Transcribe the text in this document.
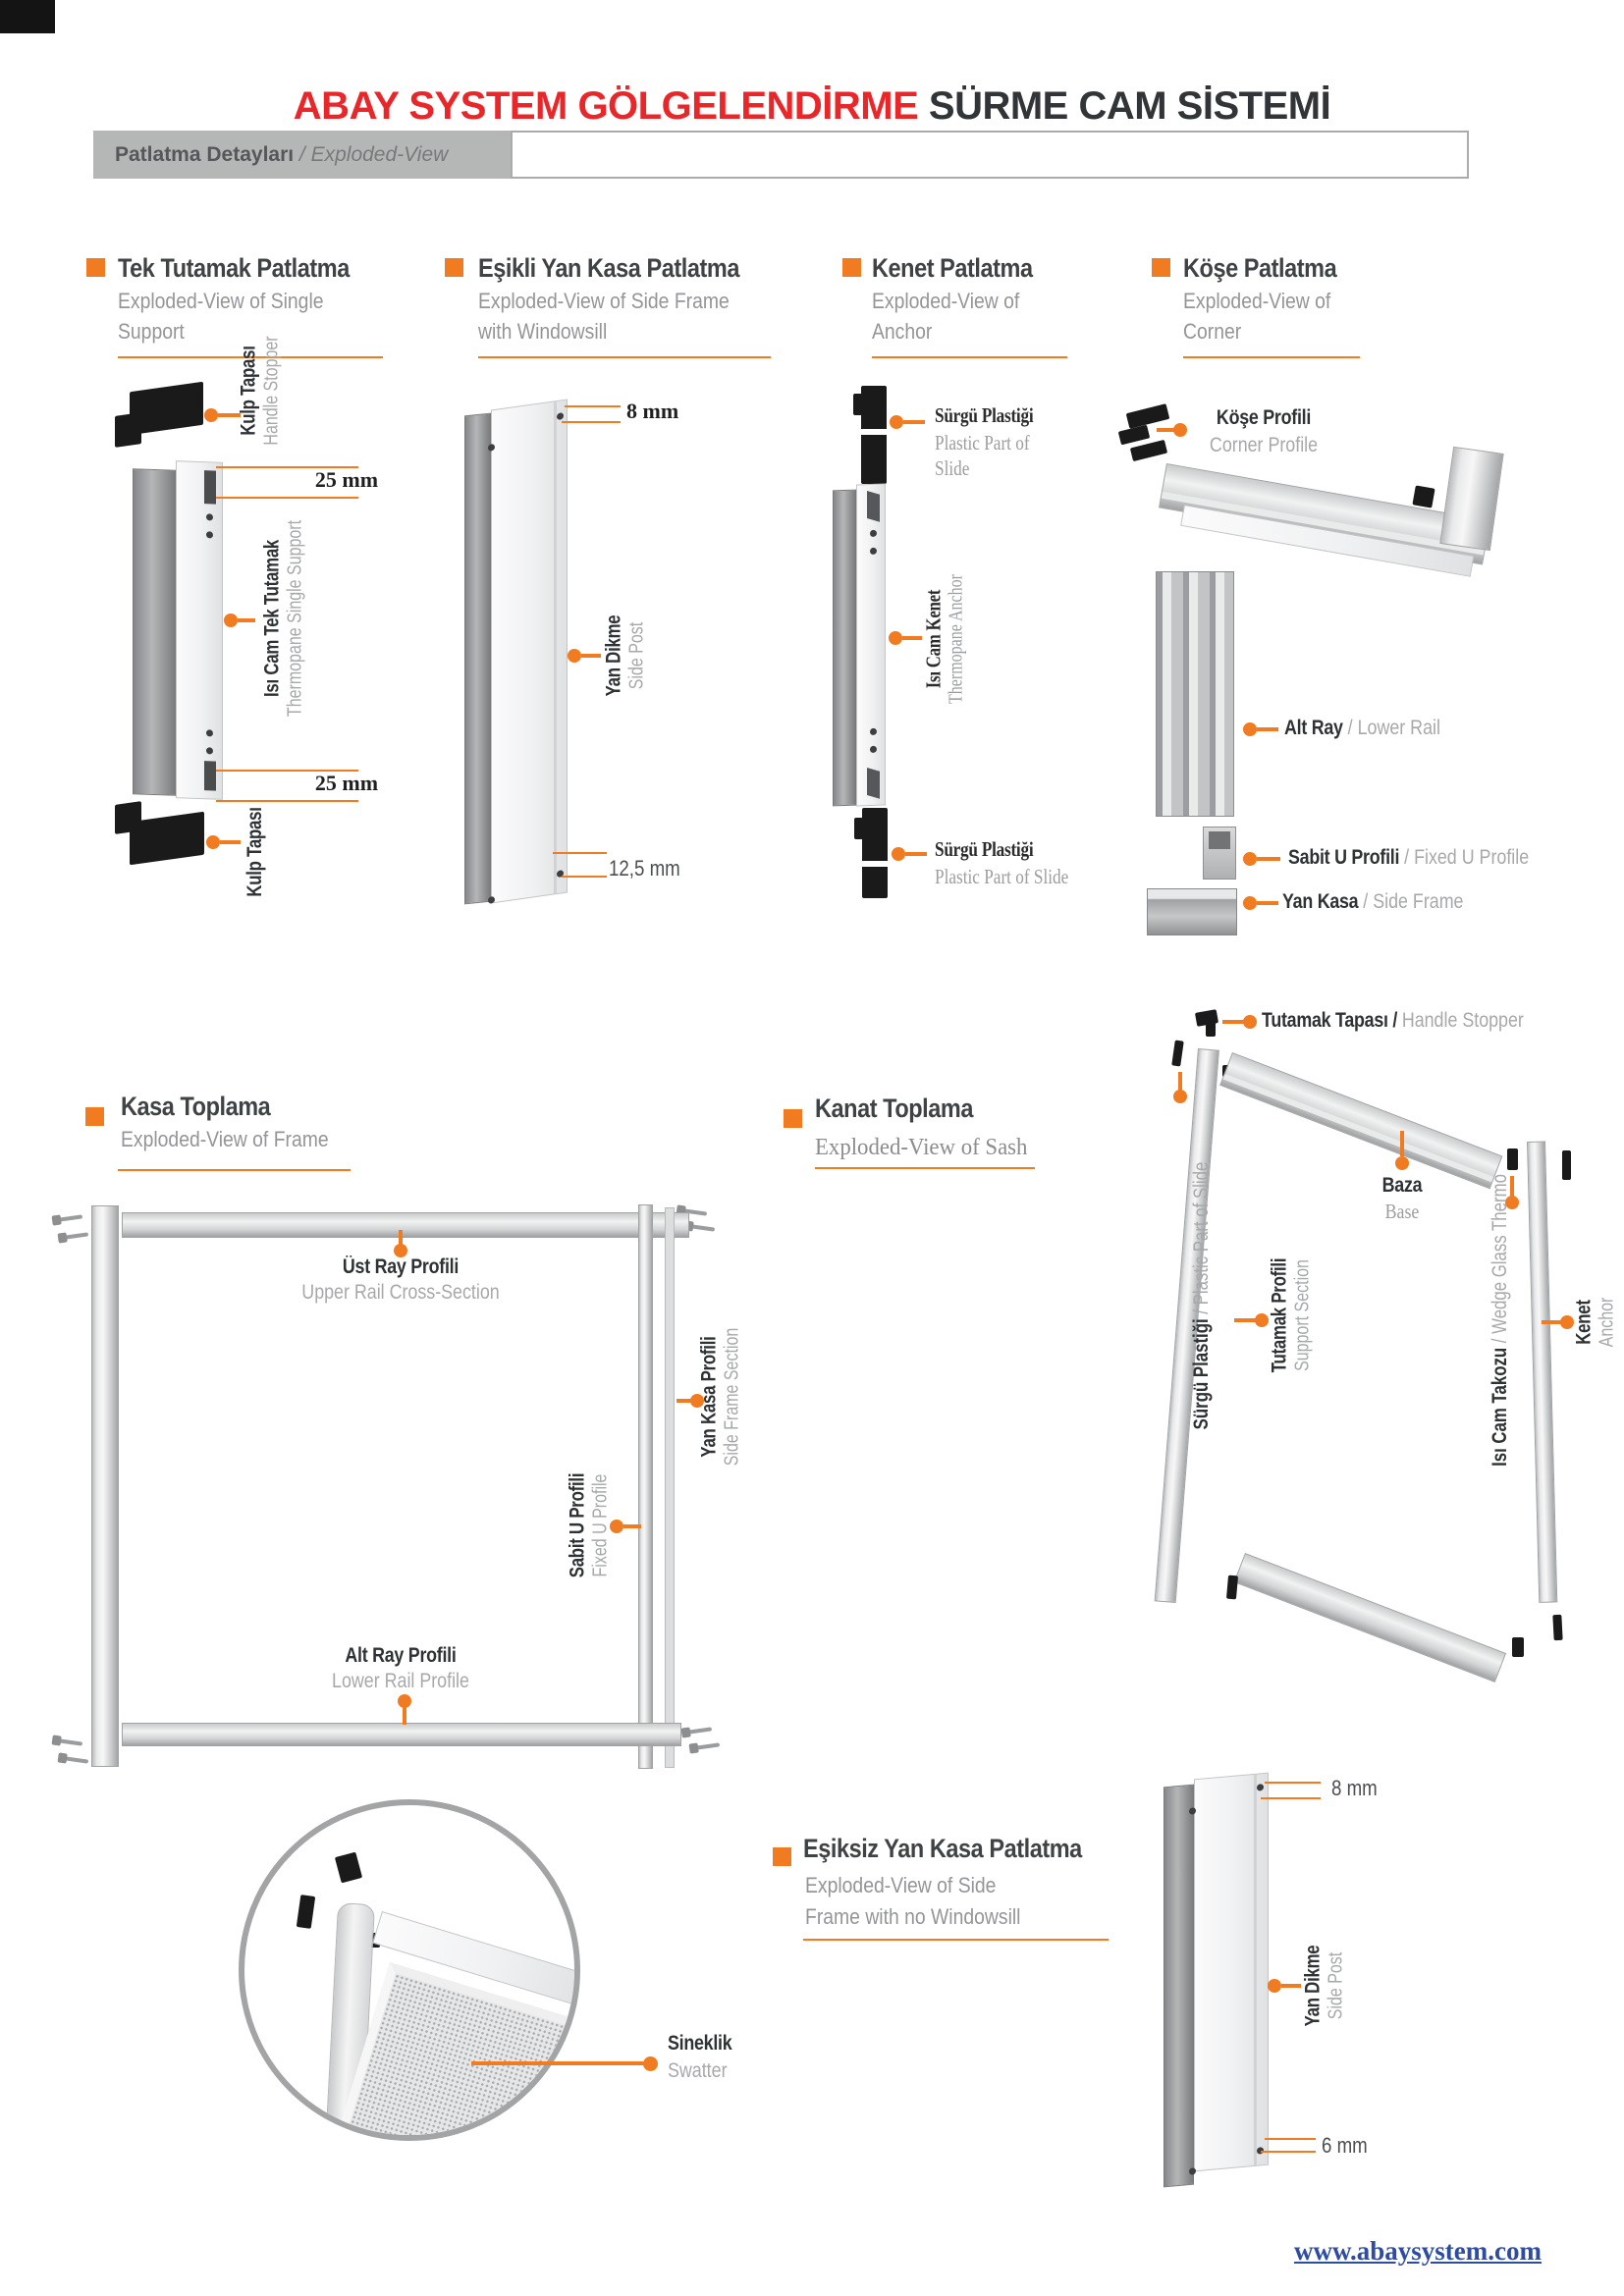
ABAY SYSTEM GÖLGELENDİRME SÜRME CAM SİSTEMİ
Patlatma Detayları / Exploded-View
Tek Tutamak Patlatma
Exploded-View of Single
Support
Eşikli Yan Kasa Patlatma
Exploded-View of Side Frame
with Windowsill
Kenet Patlatma
Exploded-View of
Anchor
Köşe Patlatma
Exploded-View of
Corner
Kulp Tapası Handle Stopper
25 mm
Isı Cam Tek Tutamak Thermopane Single Support
25 mm
Kulp Tapası
8 mm
Yan Dikme Side Post
12,5 mm
Sürgü Plastiği
Plastic Part of
Slide
Isı Cam Kenet Thermopane Anchor
Sürgü Plastiği
Plastic Part of Slide
Köşe Profili
Corner Profile
Alt Ray / Lower Rail
Sabit U Profili / Fixed U Profile
Yan Kasa / Side Frame
Kasa Toplama
Exploded-View of Frame
Kanat Toplama
Exploded-View of Sash
Üst Ray Profili
Upper Rail Cross-Section
Yan Kasa Profili Side Frame Section
Sabit U Profili Fixed U Profile
Alt Ray Profili
Lower Rail Profile
Tutamak Tapası / Handle Stopper
Baza
Base
Sürgü Plastiği / Plastic Part of Slide	Tutamak Profili Support Section
Isı Cam Takozu / Wedge Glass Thermo	Kenet Anchor
Eşiksiz Yan Kasa Patlatma
Exploded-View of Side
Frame with no Windowsill
Sineklik
Swatter
8 mm
Yan Dikme Side Post
6 mm
www.abaysystem.com
